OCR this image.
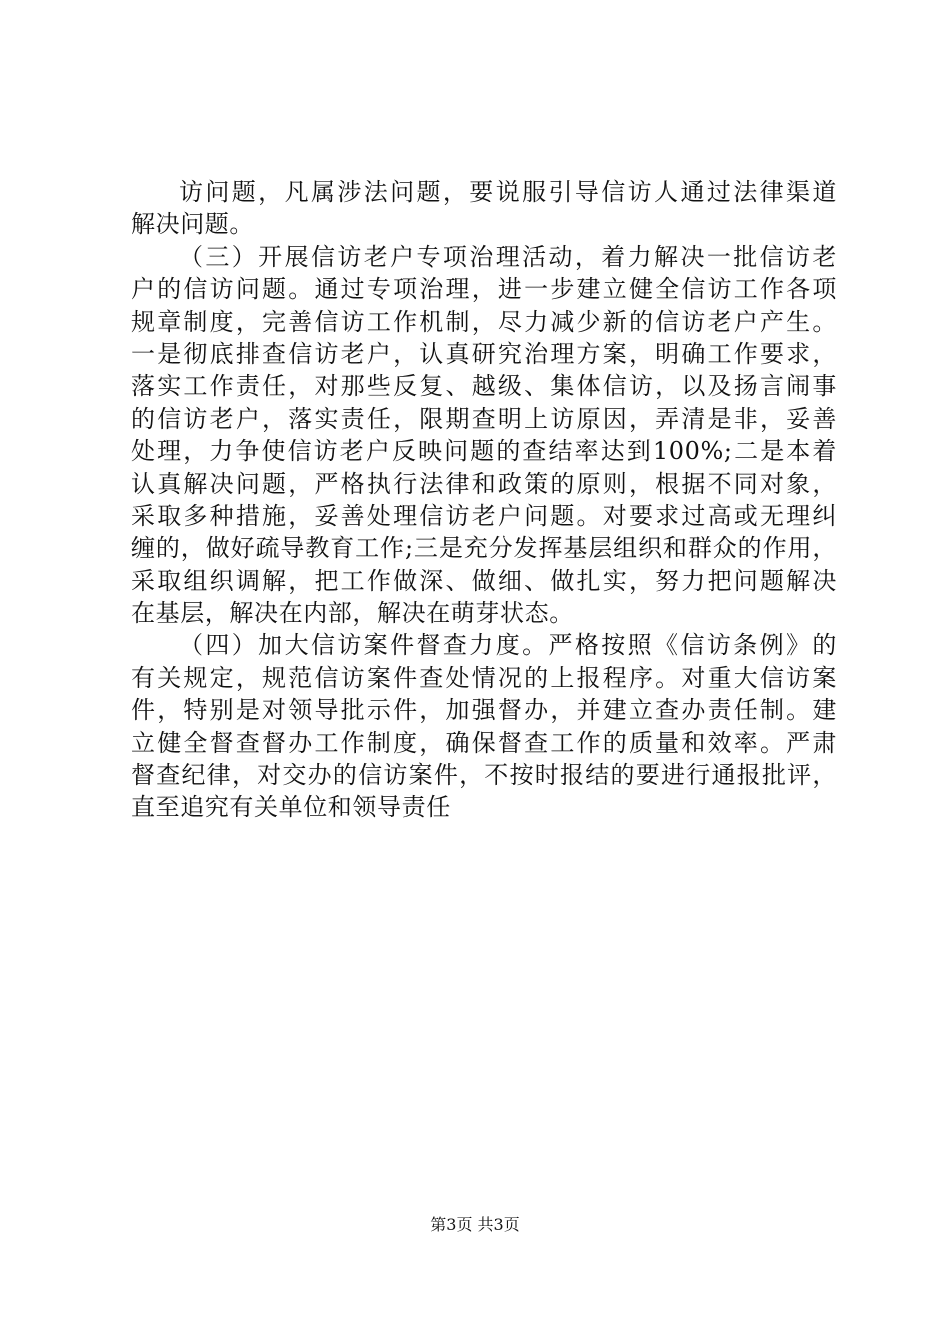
访问题，凡属涉法问题，要说服引导信访人通过法律渠道
解决问题。
（三）开展信访老户专项治理活动，着力解决一批信访老
户的信访问题。通过专项治理，进一步建立健全信访工作各项
规章制度，完善信访工作机制，尽力减少新的信访老户产生。
一是彻底排查信访老户，认真研究治理方案，明确工作要求，
落实工作责任，对那些反复、越级、集体信访，以及扬言闹事
的信访老户，落实责任，限期查明上访原因，弄清是非，妥善
处理，力争使信访老户反映问题的查结率达到100%;二是本着
认真解决问题，严格执行法律和政策的原则，根据不同对象，
采取多种措施，妥善处理信访老户问题。对要求过高或无理纠
缠的，做好疏导教育工作;三是充分发挥基层组织和群众的作用，
采取组织调解，把工作做深、做细、做扎实，努力把问题解决
在基层，解决在内部，解决在萌芽状态。
（四）加大信访案件督查力度。严格按照《信访条例》的
有关规定，规范信访案件查处情况的上报程序。对重大信访案
件，特别是对领导批示件，加强督办，并建立查办责任制。建
立健全督查督办工作制度，确保督查工作的质量和效率。严肃
督查纪律，对交办的信访案件，不按时报结的要进行通报批评，
直至追究有关单位和领导责任
第3页 共3页
